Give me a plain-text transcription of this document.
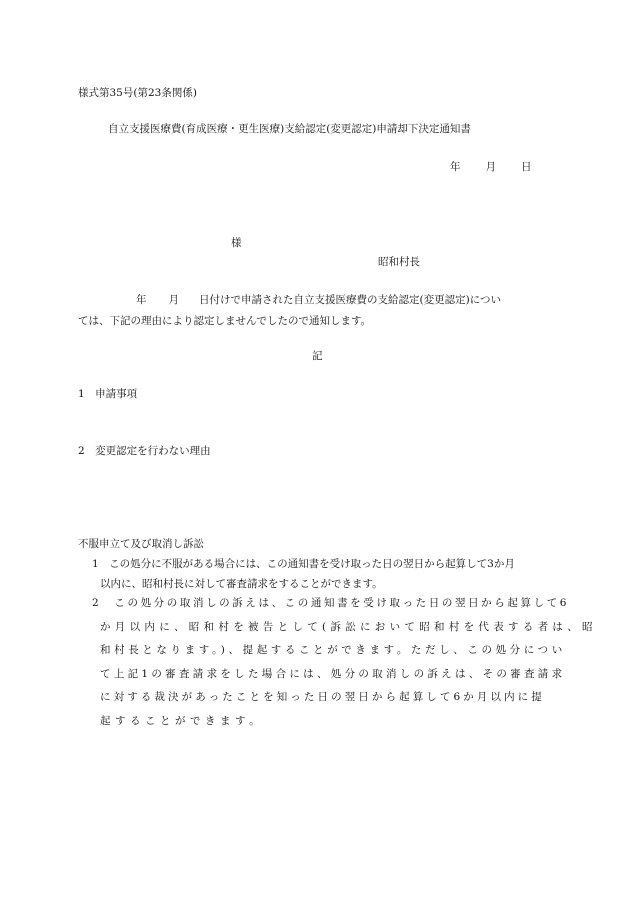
様式第35号(第23条関係)
自立支援医療費(育成医療・更生医療)支給認定(変更認定)申請却下決定通知書
年 月 日
様
昭和村長
年 月 日付けで申請された自立支援医療費の支給認定(変更認定)につい
ては、下記の理由により認定しませんでしたので通知します。
記
1　申請事項
2　変更認定を行わない理由
不服申立て及び取消し訴訟
1　この処分に不服がある場合には、この通知書を受け取った日の翌日から起算して3か月
以内に、昭和村長に対して審査請求をすることができます。
2　この処分の取消しの訴えは、この通知書を受け取った日の翌日から起算して6
か月以内に、昭和村を被告として(訴訟において昭和村を代表する者は、昭
和村長となります。)、提起することができます。ただし、この処分につい
て上記1の審査請求をした場合には、処分の取消しの訴えは、その審査請求
に対する裁決があったことを知った日の翌日から起算して6か月以内に提
起することができます。
